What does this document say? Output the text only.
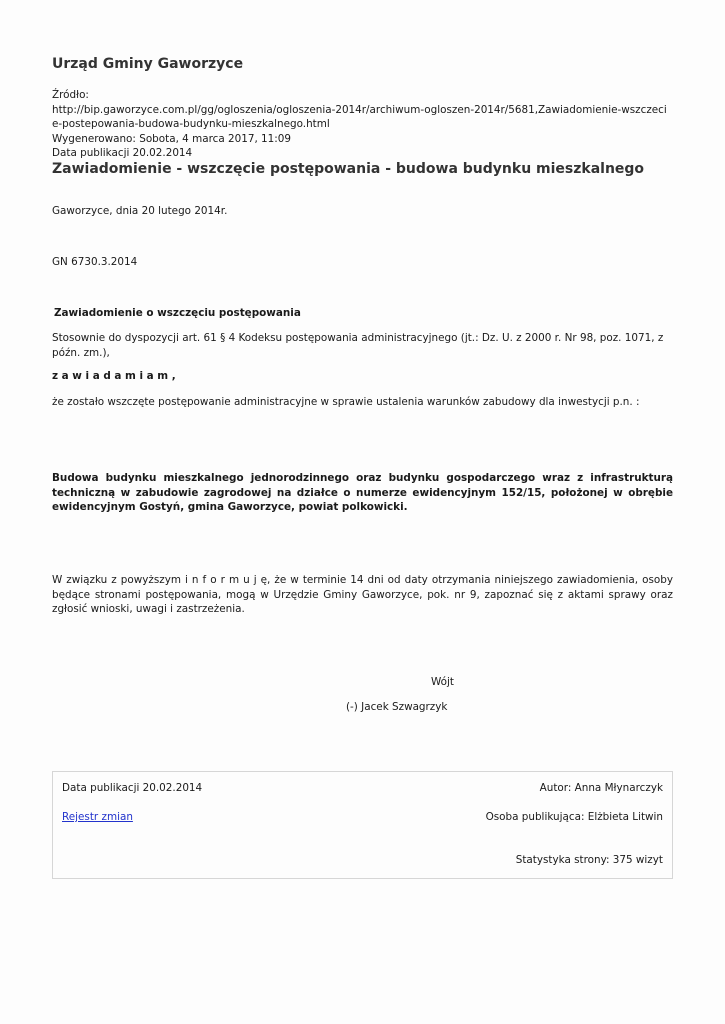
Urząd Gminy Gaworzyce
Źródło:
http://bip.gaworzyce.com.pl/gg/ogloszenia/ogloszenia-2014r/archiwum-ogloszen-2014r/5681,Zawiadomienie-wszczecie-postepowania-budowa-budynku-mieszkalnego.html
Wygenerowano: Sobota, 4 marca 2017, 11:09
Data publikacji 20.02.2014
Zawiadomienie - wszczęcie postępowania - budowa budynku mieszkalnego
Gaworzyce, dnia 20 lutego 2014r.
GN 6730.3.2014
Zawiadomienie o wszczęciu postępowania
Stosownie do dyspozycji art. 61 § 4 Kodeksu postępowania administracyjnego (jt.: Dz. U. z 2000 r. Nr 98, poz. 1071, z późn. zm.),
z a w i a d a m i a m ,
że zostało wszczęte postępowanie administracyjne w sprawie ustalenia warunków zabudowy dla inwestycji p.n. :
Budowa budynku mieszkalnego jednorodzinnego oraz budynku gospodarczego wraz z infrastrukturą techniczną w zabudowie zagrodowej na działce o numerze ewidencyjnym 152/15, położonej w obrębie ewidencyjnym Gostyń, gmina Gaworzyce, powiat polkowicki.
W związku z powyższym i n f o r m u j ę, że w terminie 14 dni od daty otrzymania niniejszego zawiadomienia, osoby będące stronami postępowania, mogą w Urzędzie Gminy Gaworzyce, pok. nr 9, zapoznać się z aktami sprawy oraz zgłosić wnioski, uwagi i zastrzeżenia.
Wójt
(-) Jacek Szwagrzyk
Data publikacji 20.02.2014	Autor: Anna Młynarczyk
Rejestr zmian	Osoba publikująca: Elżbieta Litwin
Statystyka strony: 375 wizyt
